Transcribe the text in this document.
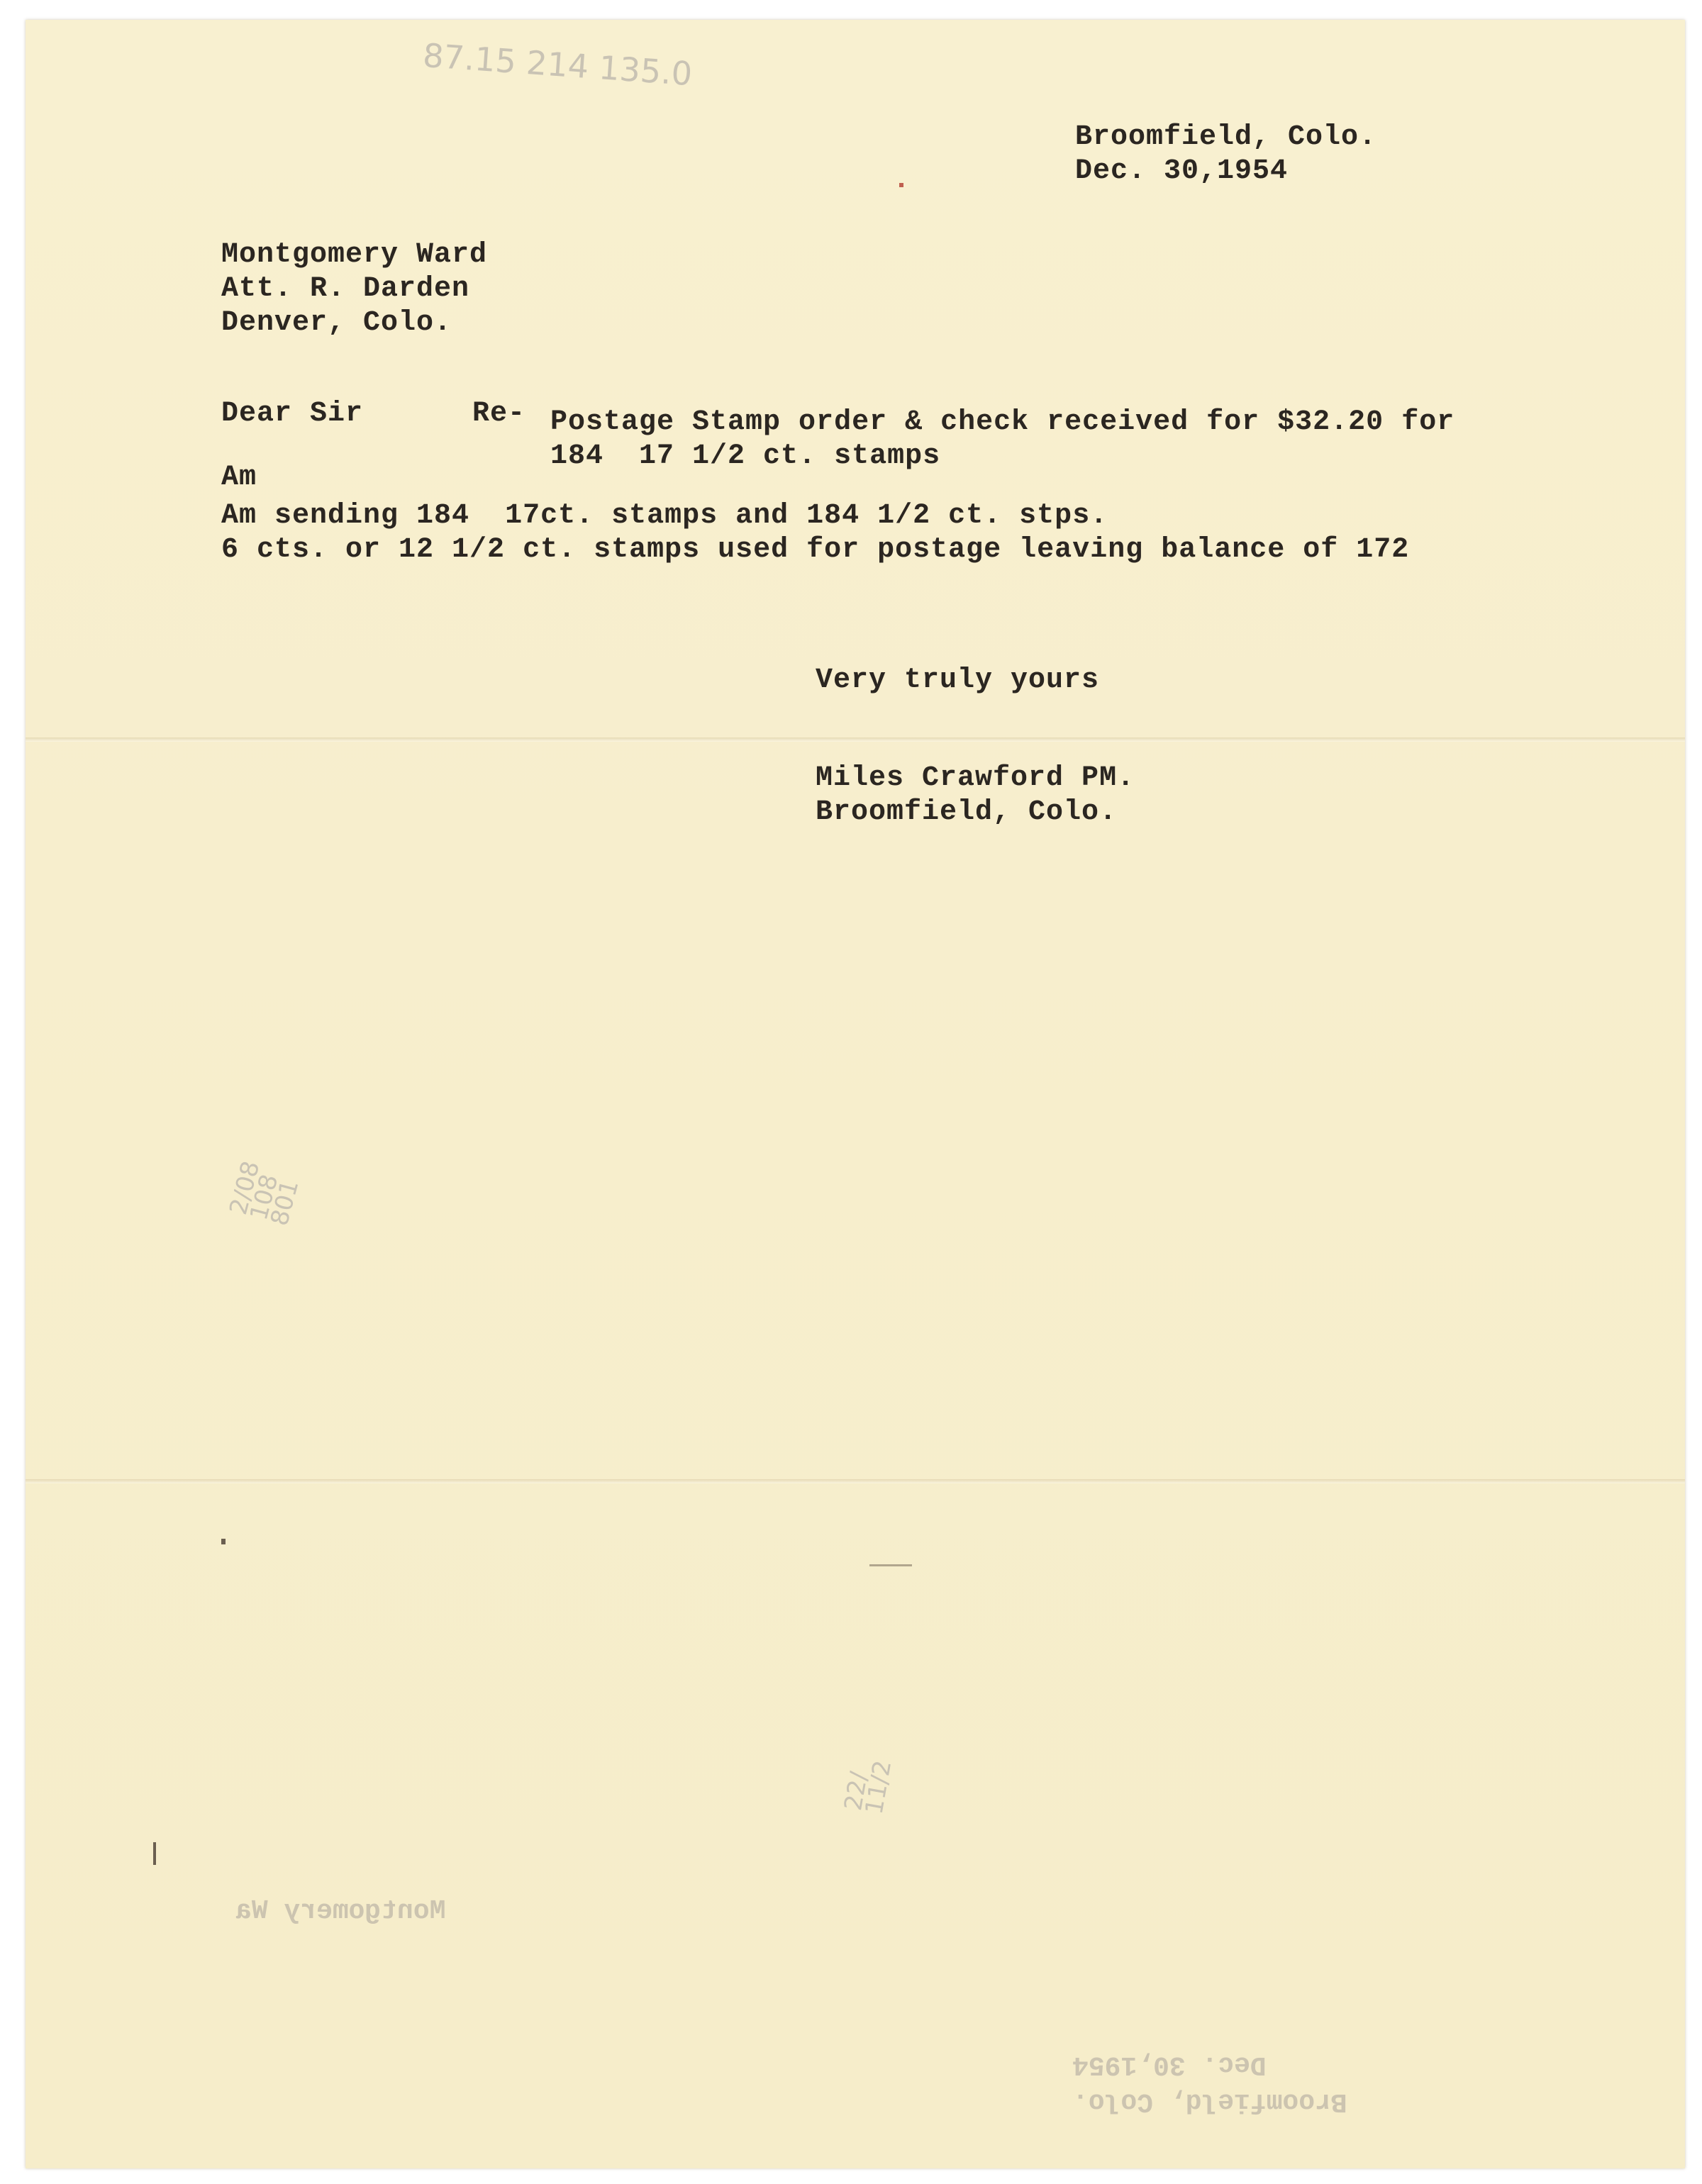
87.15 214 135.0
Broomfield, Colo.
Dec. 30,1954
Montgomery Ward
Att. R. Darden
Denver, Colo.
Dear Sir	Re- Postage Stamp order & check received for $32.20 for
184  17 1/2 ct. stamps
Am
Am sending 184  17ct. stamps and 184 1/2 ct. stps.
6 cts. or 12 1/2 ct. stamps used for postage leaving balance of 172
Very truly yours
Miles Crawford PM.
Broomfield, Colo.
2/08
108
801
22/
11/2

Montgomery Wa
Dec. 30,1954
Broomfield, Colo.
